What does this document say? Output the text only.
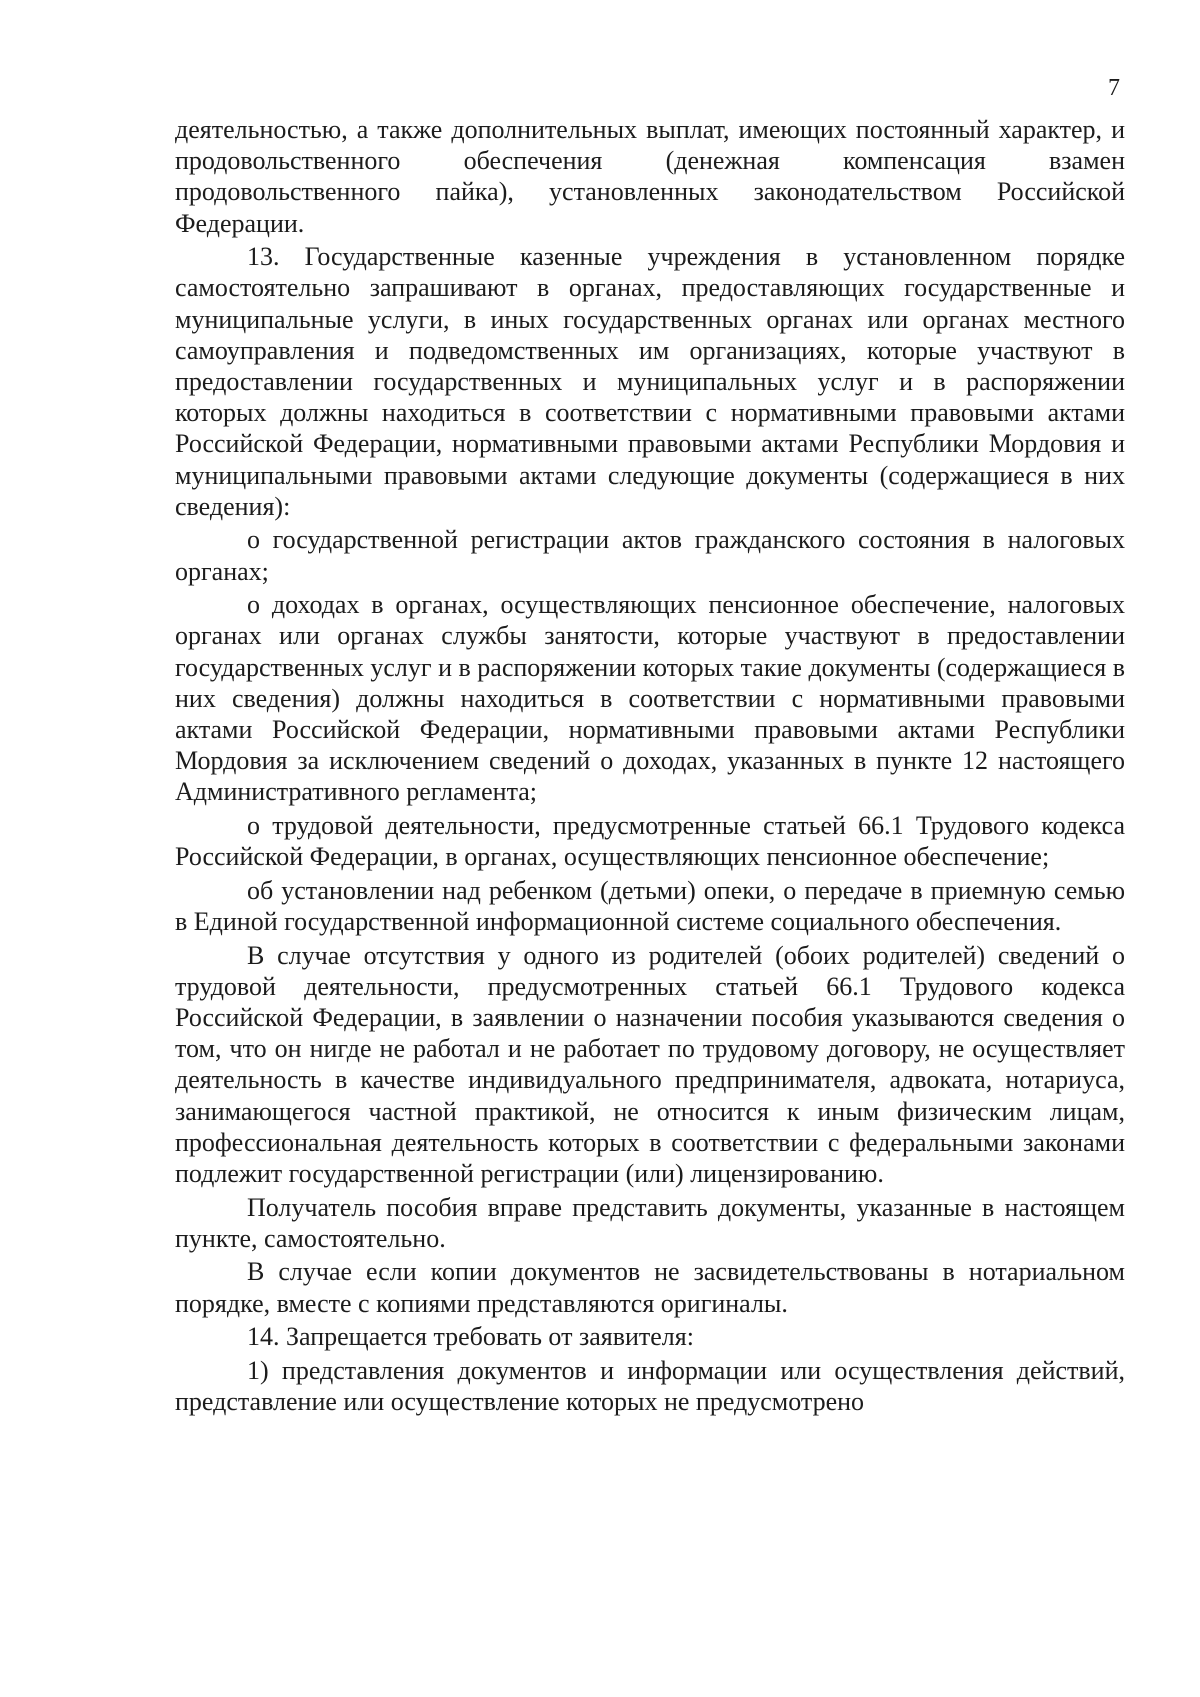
7

деятельностью, а также дополнительных выплат, имеющих постоянный характер, и продовольственного обеспечения (денежная компенсация взамен продовольственного пайка), установленных законодательством Российской Федерации.

13. Государственные казенные учреждения в установленном порядке самостоятельно запрашивают в органах, предоставляющих государственные и муниципальные услуги, в иных государственных органах или органах местного самоуправления и подведомственных им организациях, которые участвуют в предоставлении государственных и муниципальных услуг и в распоряжении которых должны находиться в соответствии с нормативными правовыми актами Российской Федерации, нормативными правовыми актами Республики Мордовия и муниципальными правовыми актами следующие документы (содержащиеся в них сведения):

о государственной регистрации актов гражданского состояния в налоговых органах;

о доходах в органах, осуществляющих пенсионное обеспечение, налоговых органах или органах службы занятости, которые участвуют в предоставлении государственных услуг и в распоряжении которых такие документы (содержащиеся в них сведения) должны находиться в соответствии с нормативными правовыми актами Российской Федерации, нормативными правовыми актами Республики Мордовия за исключением сведений о доходах, указанных в пункте 12 настоящего Административного регламента;

о трудовой деятельности, предусмотренные статьей 66.1 Трудового кодекса Российской Федерации, в органах, осуществляющих пенсионное обеспечение;

об установлении над ребенком (детьми) опеки, о передаче в приемную семью в Единой государственной информационной системе социального обеспечения.

В случае отсутствия у одного из родителей (обоих родителей) сведений о трудовой деятельности, предусмотренных статьей 66.1 Трудового кодекса Российской Федерации, в заявлении о назначении пособия указываются сведения о том, что он нигде не работал и не работает по трудовому договору, не осуществляет деятельность в качестве индивидуального предпринимателя, адвоката, нотариуса, занимающегося частной практикой, не относится к иным физическим лицам, профессиональная деятельность которых в соответствии с федеральными законами подлежит государственной регистрации (или) лицензированию.

Получатель пособия вправе представить документы, указанные в настоящем пункте, самостоятельно.

В случае если копии документов не засвидетельствованы в нотариальном порядке, вместе с копиями представляются оригиналы.

14. Запрещается требовать от заявителя:

1) представления документов и информации или осуществления действий, представление или осуществление которых не предусмотрено
